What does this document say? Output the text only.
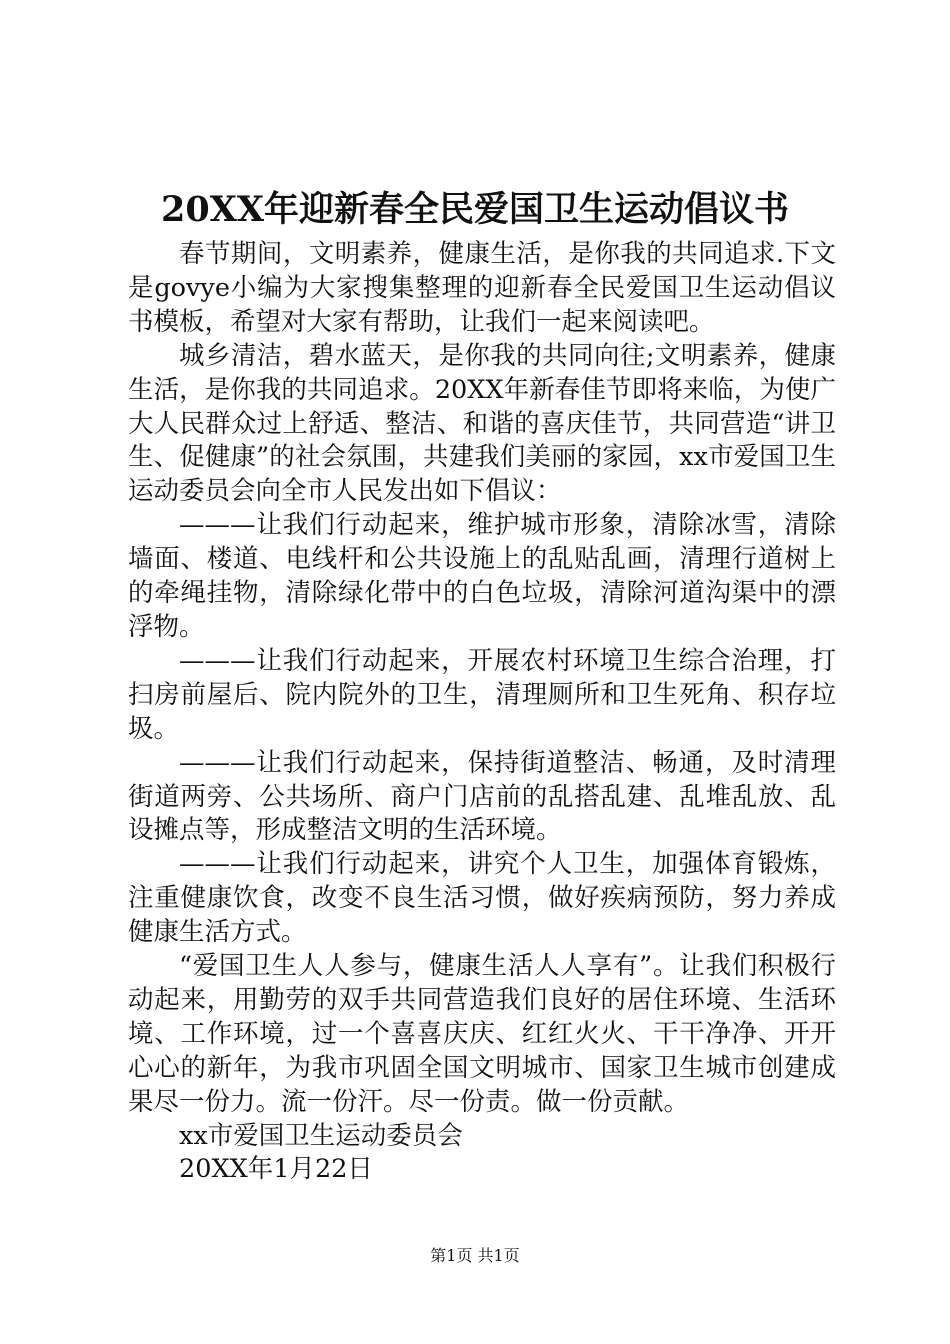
20XX年迎新春全民爱国卫生运动倡议书

春节期间，文明素养，健康生活，是你我的共同追求.下文是govye小编为大家搜集整理的迎新春全民爱国卫生运动倡议书模板，希望对大家有帮助，让我们一起来阅读吧。

城乡清洁，碧水蓝天，是你我的共同向往;文明素养，健康生活，是你我的共同追求。20XX年新春佳节即将来临，为使广大人民群众过上舒适、整洁、和谐的喜庆佳节，共同营造“讲卫生、促健康”的社会氛围，共建我们美丽的家园，xx市爱国卫生运动委员会向全市人民发出如下倡议：

———让我们行动起来，维护城市形象，清除冰雪，清除墙面、楼道、电线杆和公共设施上的乱贴乱画，清理行道树上的牵绳挂物，清除绿化带中的白色垃圾，清除河道沟渠中的漂浮物。

———让我们行动起来，开展农村环境卫生综合治理，打扫房前屋后、院内院外的卫生，清理厕所和卫生死角、积存垃圾。

———让我们行动起来，保持街道整洁、畅通，及时清理街道两旁、公共场所、商户门店前的乱搭乱建、乱堆乱放、乱设摊点等，形成整洁文明的生活环境。

———让我们行动起来，讲究个人卫生，加强体育锻炼，注重健康饮食，改变不良生活习惯，做好疾病预防，努力养成健康生活方式。

“爱国卫生人人参与，健康生活人人享有”。让我们积极行动起来，用勤劳的双手共同营造我们良好的居住环境、生活环境、工作环境，过一个喜喜庆庆、红红火火、干干净净、开开心心的新年，为我市巩固全国文明城市、国家卫生城市创建成果尽一份力。流一份汗。尽一份责。做一份贡献。

xx市爱国卫生运动委员会

20XX年1月22日

第1页 共1页
